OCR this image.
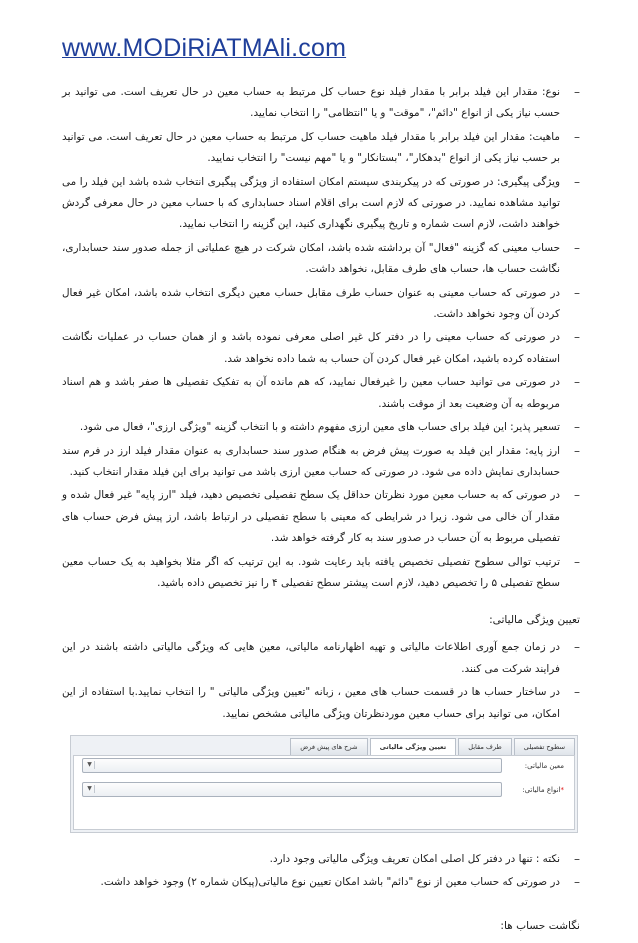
www.MODiRiATMAli.com

–
نوع: مقدار این فیلد برابر با مقدار فیلد نوع حساب کل مرتبط به حساب معین در حال تعریف است. می توانید بر حسب نیاز یکی از انواع "دائم"، "موقت" و یا "انتظامی" را انتخاب نمایید.

–
ماهیت: مقدار این فیلد برابر با مقدار فیلد ماهیت حساب کل مرتبط به حساب معین در حال تعریف است. می توانید بر حسب نیاز یکی از انواع "بدهکار"، "بستانکار" و یا "مهم نیست" را انتخاب نمایید.

–
ویژگی پیگیری: در صورتی که در پیکربندی سیستم امکان استفاده از ویژگی پیگیری انتخاب شده باشد این فیلد را می توانید مشاهده نمایید. در صورتی که لازم است برای اقلام اسناد حسابداری که با حساب معین در حال معرفی گردش خواهند داشت، لازم است شماره و تاریخ پیگیری نگهداری کنید، این گزینه را انتخاب نمایید.

–
حساب معینی که گزینه "فعال" آن برداشته شده باشد، امکان شرکت در هیچ عملیاتی از جمله صدور سند حسابداری، نگاشت حساب ها، حساب های طرف مقابل، نخواهد داشت.

–
در صورتی که حساب معینی به عنوان حساب طرف مقابل حساب معین دیگری انتخاب شده باشد، امکان غیر فعال کردن آن وجود نخواهد داشت.

–
در صورتی که حساب معینی را در دفتر کل غیر اصلی معرفی نموده باشد و از همان حساب در عملیات نگاشت استفاده کرده باشید، امکان غیر فعال کردن آن حساب به شما داده نخواهد شد.

–
در صورتی می توانید حساب معین را غیرفعال نمایید، که هم مانده آن به تفکیک تفصیلی ها صفر باشد و هم اسناد مربوطه به آن وضعیت بعد از موقت باشند.

–
تسعیر پذیر: این فیلد برای حساب های معین ارزی مفهوم داشته و با انتخاب گزینه "ویژگی ارزی"، فعال می شود.

–
ارز پایه: مقدار این فیلد به صورت پیش فرض به هنگام صدور سند حسابداری به عنوان مقدار فیلد ارز در فرم سند حسابداری نمایش داده می شود. در صورتی که حساب معین ارزی باشد می توانید برای این فیلد مقدار انتخاب کنید.

–
در صورتی که به حساب معین مورد نظرتان حداقل یک سطح تفصیلی تخصیص دهید، فیلد "ارز پایه" غیر فعال شده و مقدار آن خالی می شود. زیرا در شرایطی که معینی با سطح تفصیلی در ارتباط باشد، ارز پیش فرض حساب های تفصیلی مربوط به آن حساب در صدور سند به کار گرفته خواهد شد.

–
ترتیب توالی سطوح تفصیلی تخصیص یافته باید رعایت شود. به این ترتیب که اگر مثلا بخواهید به یک حساب معین سطح تفصیلی ۵ را تخصیص دهید، لازم است پیشتر سطح تفصیلی ۴ را نیز تخصیص داده باشید.

تعیین ویژگی مالیاتی:

–
در زمان جمع آوری اطلاعات مالیاتی و تهیه اظهارنامه مالیاتی، معین هایی که ویژگی مالیاتی داشته باشند در این فرایند شرکت می کنند.

–
در ساختار حساب ها در قسمت حساب های معین ، زبانه "تعیین ویژگی مالیاتی " را انتخاب نمایید.با استفاده از این امکان، می توانید برای حساب معین موردنظرتان ویژگی مالیاتی مشخص نمایید.

سطوح تفصیلی
طرف مقابل
تعیین ویژگی مالیاتی
شرح های پیش فرض
▼	معین مالیاتی:
▼	*انواع مالیاتی:

–
نکته : تنها در دفتر کل اصلی امکان تعریف ویژگی مالیاتی وجود دارد.

–
در صورتی که حساب معین از نوع "دائم" باشد امکان تعیین نوع مالیاتی(پیکان شماره ۲) وجود خواهد داشت.

نگاشت حساب ها:
